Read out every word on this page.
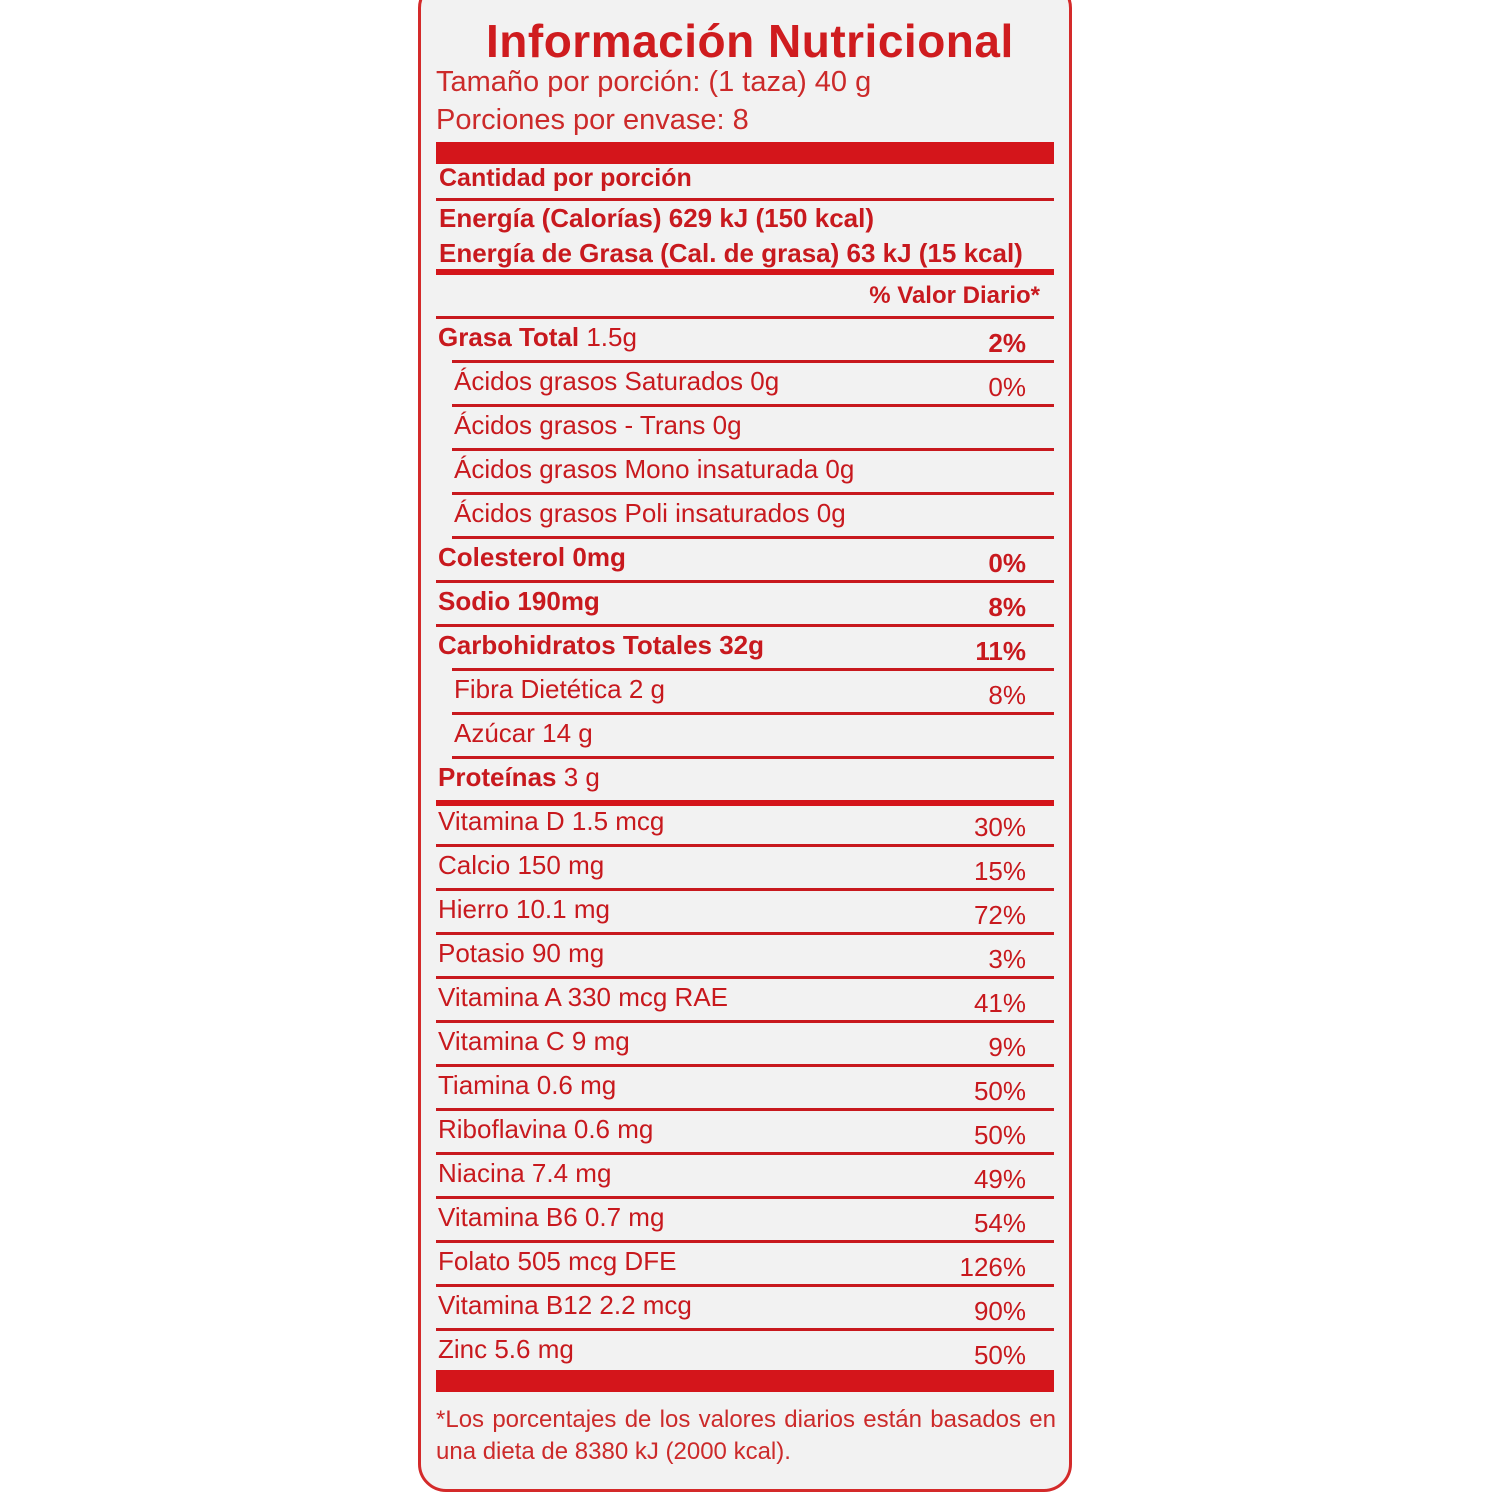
Información Nutricional
Tamaño por porción: (1 taza) 40 g
Porciones por envase: 8
Cantidad por porción
Energía (Calorías) 629 kJ (150 kcal)
Energía de Grasa (Cal. de grasa) 63 kJ (15 kcal)
% Valor Diario*
Grasa Total 1.5g	2%
Ácidos grasos Saturados 0g	0%
Ácidos grasos - Trans 0g
Ácidos grasos Mono insaturada 0g
Ácidos grasos Poli insaturados 0g
Colesterol 0mg	0%
Sodio 190mg	8%
Carbohidratos Totales 32g	11%
Fibra Dietética 2 g	8%
Azúcar 14 g
Proteínas 3 g
Vitamina D 1.5 mcg	30%
Calcio 150 mg	15%
Hierro 10.1 mg	72%
Potasio 90 mg	3%
Vitamina A 330 mcg RAE	41%
Vitamina C 9 mg	9%
Tiamina 0.6 mg	50%
Riboflavina 0.6 mg	50%
Niacina 7.4 mg	49%
Vitamina B6 0.7 mg	54%
Folato 505 mcg DFE	126%
Vitamina B12 2.2 mcg	90%
Zinc 5.6 mg	50%
*Los porcentajes de los valores diarios están basados en una dieta de 8380 kJ (2000 kcal).
